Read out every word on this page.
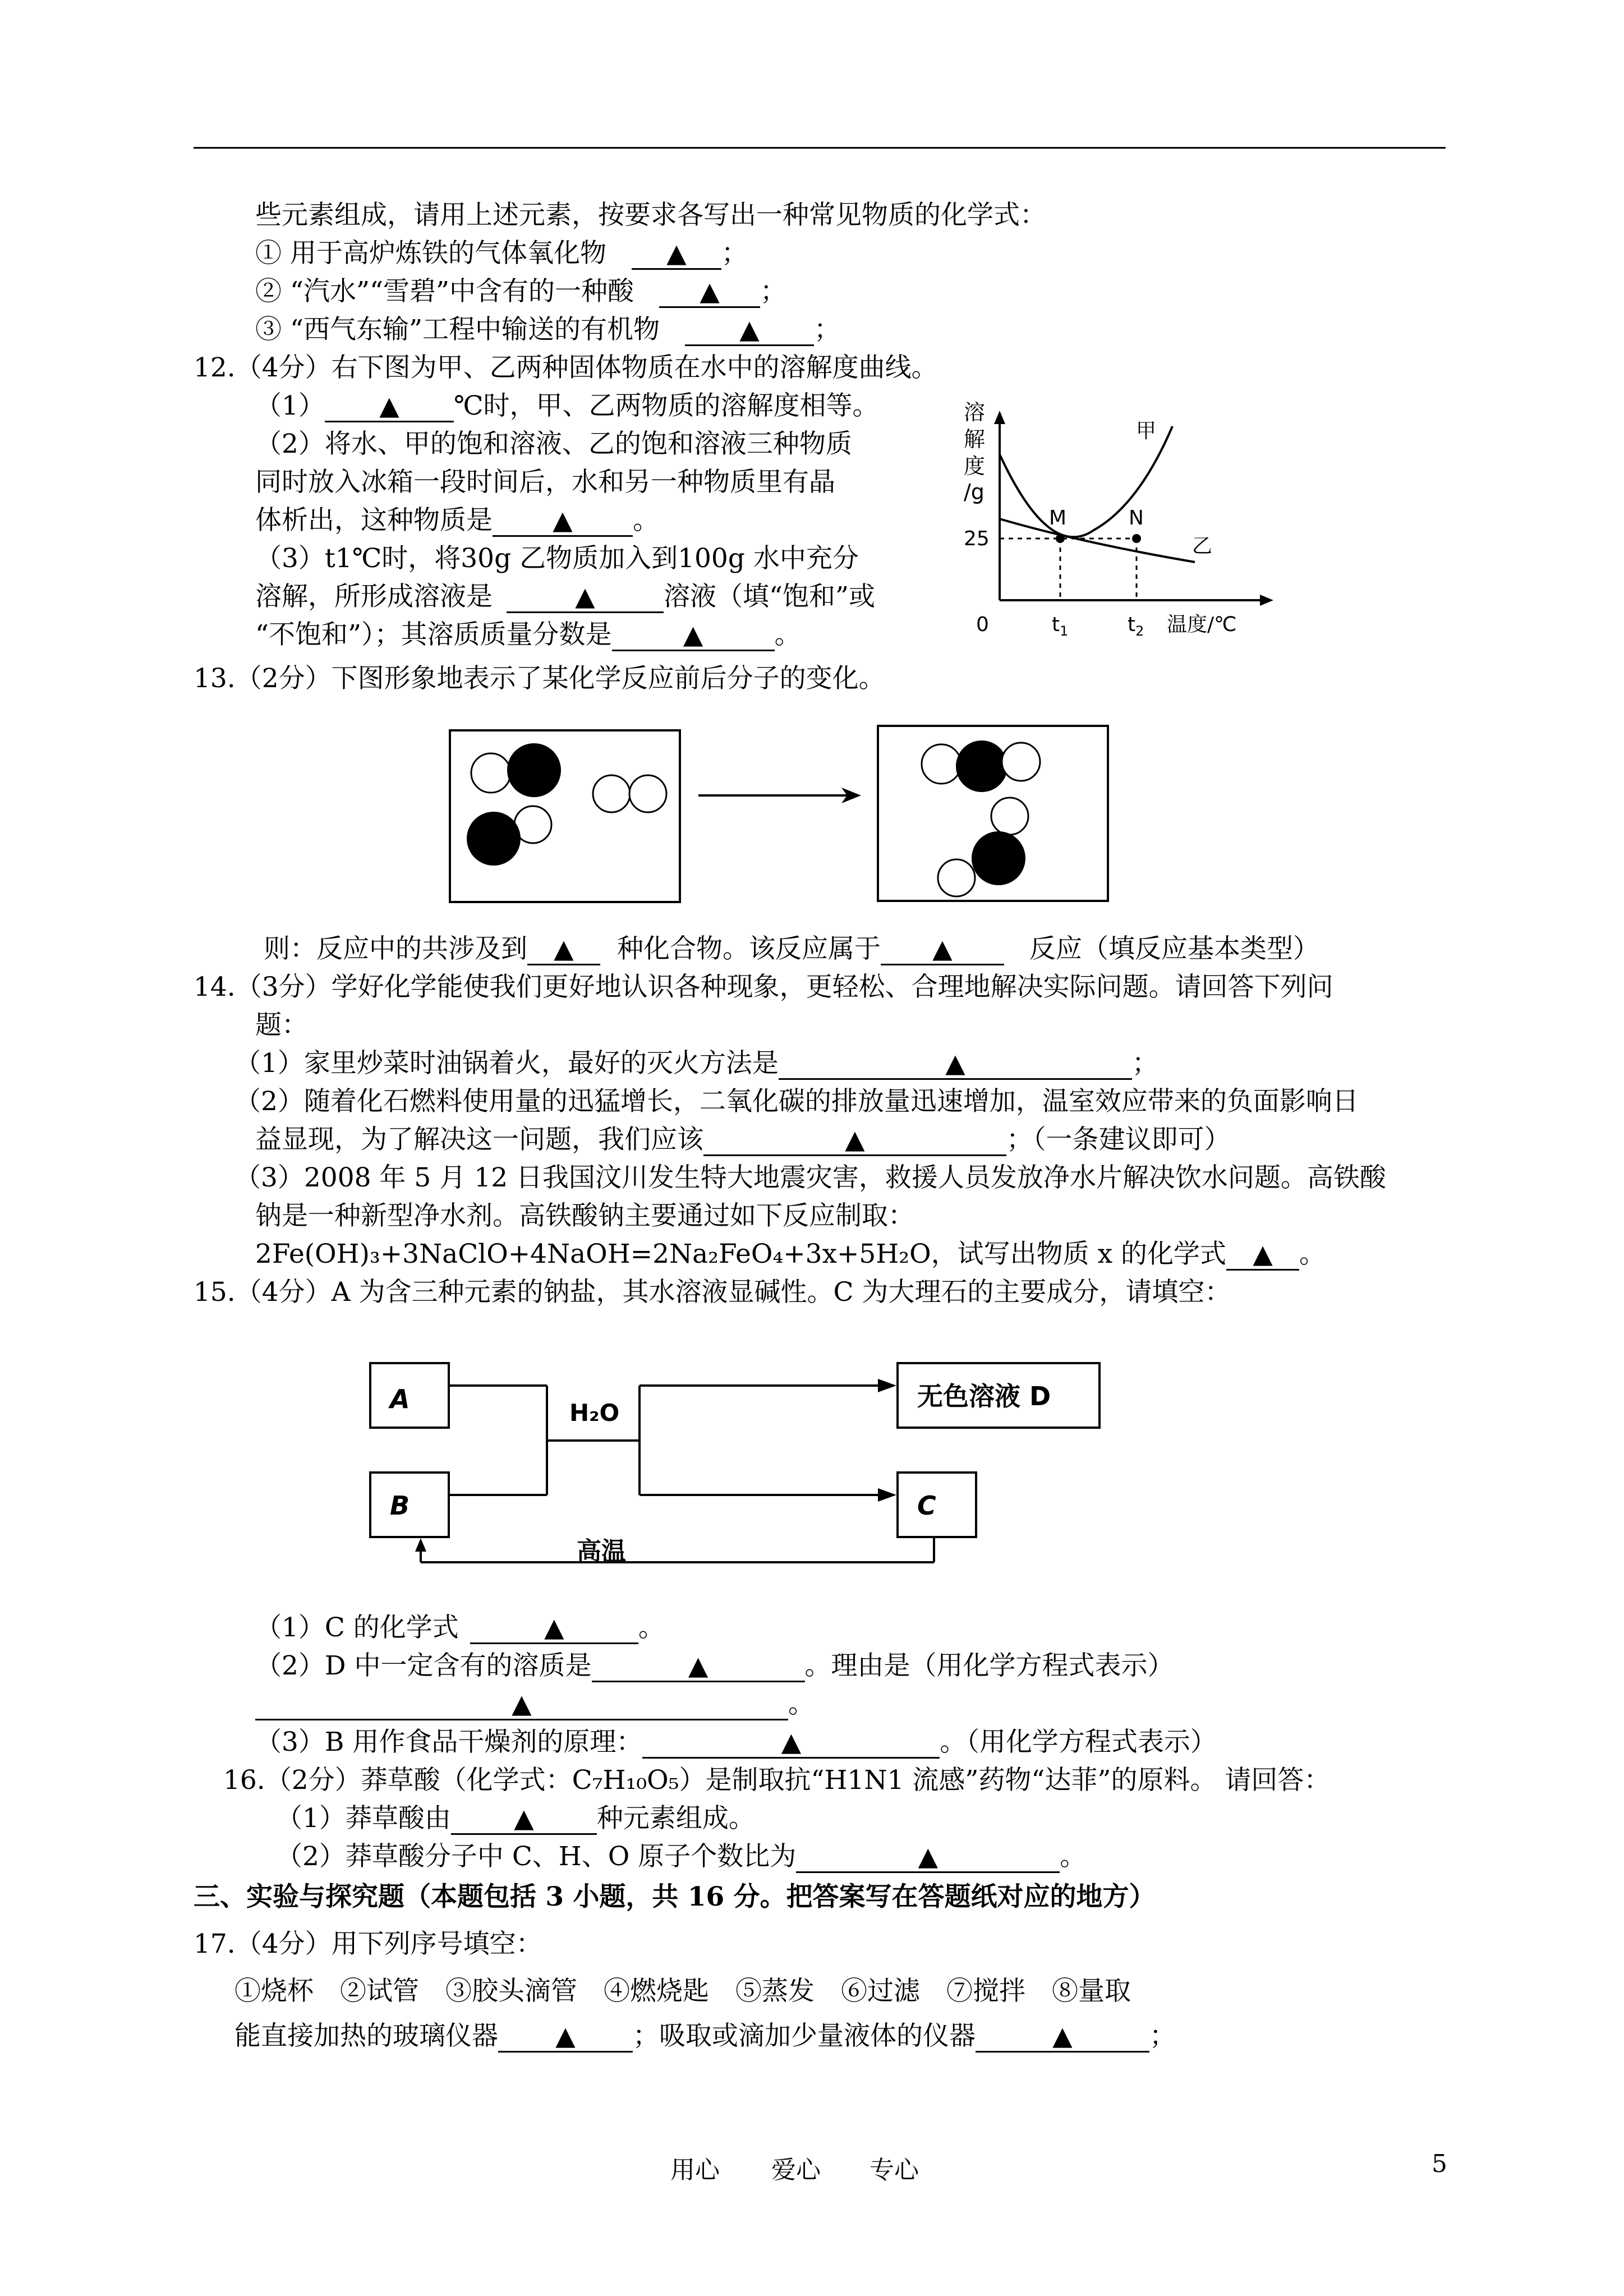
些元素组成，请用上述元素，按要求各写出一种常见物质的化学式：
① 用于高炉炼铁的气体氧化物 ▲ ；
② “汽水”“雪碧”中含有的一种酸	▲ ；
③ “西气东输”工程中输送的有机物	▲ ；
12.（4分）右下图为甲、乙两种固体物质在水中的溶解度曲线。
（1） ▲ ℃时，甲、乙两物质的溶解度相等。
（2）将水、甲的饱和溶液、乙的饱和溶液三种物质
同时放入冰箱一段时间后，水和另一种物质里有晶
体析出，这种物质是 ▲ 。
（3）t1℃时，将30g 乙物质加入到100g 水中充分
溶解，所形成溶液是	▲	溶液（填“饱和”或
“不饱和”）；其溶质质量分数是	▲	。
溶
解
度
/g
25
0
M	N
甲
乙
$t_1$	$t_2$ 温度/℃
13.（2分）下图形象地表示了某化学反应前后分子的变化。
则：反应中的共涉及到 ▲ 种化合物。该反应属于 ▲	反应（填反应基本类型）
14.（3分）学好化学能使我们更好地认识各种现象，更轻松、合理地解决实际问题。请回答下列问
题：
（1）家里炒菜时油锅着火，最好的灭火方法是	▲	；
（2）随着化石燃料使用量的迅猛增长，二氧化碳的排放量迅速增加，温室效应带来的负面影响日
益显现，为了解决这一问题，我们应该	▲	；（一条建议即可）
（3）2008 年 5 月 12 日我国汶川发生特大地震灾害，救援人员发放净水片解决饮水问题。高铁酸
钠是一种新型净水剂。高铁酸钠主要通过如下反应制取：
2Fe(OH)₃+3NaClO+4NaOH=2Na₂FeO₄+3x+5H₂O，试写出物质 x 的化学式 ▲ 。
15.（4分）A 为含三种元素的钠盐，其水溶液显碱性。C 为大理石的主要成分，请填空：
A
B
无色溶液 D
C
H₂O
高温
（1）C 的化学式	▲	。
（2）D 中一定含有的溶质是	▲	。理由是（用化学方程式表示）
▲	。
（3）B 用作食品干燥剂的原理：	▲	。（用化学方程式表示）
16.（2分）莽草酸（化学式：C₇H₁₀O₅）是制取抗“H1N1 流感”药物“达菲”的原料。 请回答：
（1）莽草酸由 ▲ 种元素组成。
（2）莽草酸分子中 C、H、O 原子个数比为	▲	。
三、实验与探究题（本题包括 3 小题，共 16 分。把答案写在答题纸对应的地方）
17.（4分）用下列序号填空：
①烧杯　②试管　③胶头滴管　④燃烧匙　⑤蒸发　⑥过滤　⑦搅拌　⑧量取
能直接加热的玻璃仪器 ▲ ；吸取或滴加少量液体的仪器	▲	；
用心 爱心 专心	5
